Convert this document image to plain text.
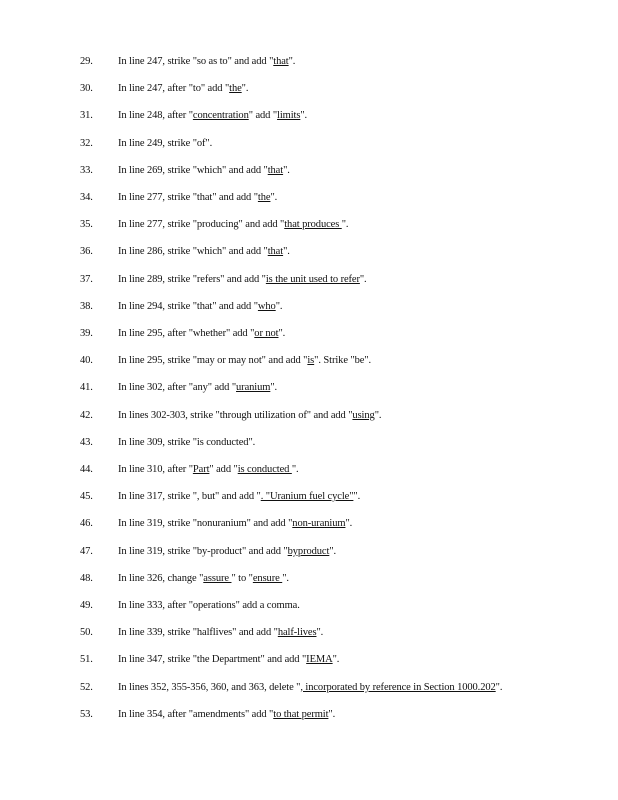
29. In line 247, strike "so as to" and add "that".
30. In line 247, after "to" add "the".
31. In line 248, after "concentration" add "limits".
32. In line 249, strike "of".
33. In line 269, strike "which" and add "that".
34. In line 277, strike "that" and add "the".
35. In line 277, strike "producing" and add "that produces ".
36. In line 286, strike "which" and add "that".
37. In line 289, strike "refers" and add "is the unit used to refer".
38. In line 294, strike "that" and add "who".
39. In line 295, after "whether" add "or not".
40. In line 295, strike "may or may not" and add "is". Strike "be".
41. In line 302, after "any" add "uranium".
42. In lines 302-303, strike "through utilization of" and add "using".
43. In line 309, strike "is conducted".
44. In line 310, after "Part" add "is conducted ".
45. In line 317, strike ", but" and add ". "Uranium fuel cycle"".
46. In line 319, strike "nonuranium" and add "non-uranium".
47. In line 319, strike "by-product" and add "byproduct".
48. In line 326, change "assure " to "ensure ".
49. In line 333, after "operations" add a comma.
50. In line 339, strike "halflives" and add "half-lives".
51. In line 347, strike "the Department" and add "IEMA".
52. In lines 352, 355-356, 360, and 363, delete ", incorporated by reference in Section 1000.202".
53. In line 354, after "amendments" add "to that permit".
